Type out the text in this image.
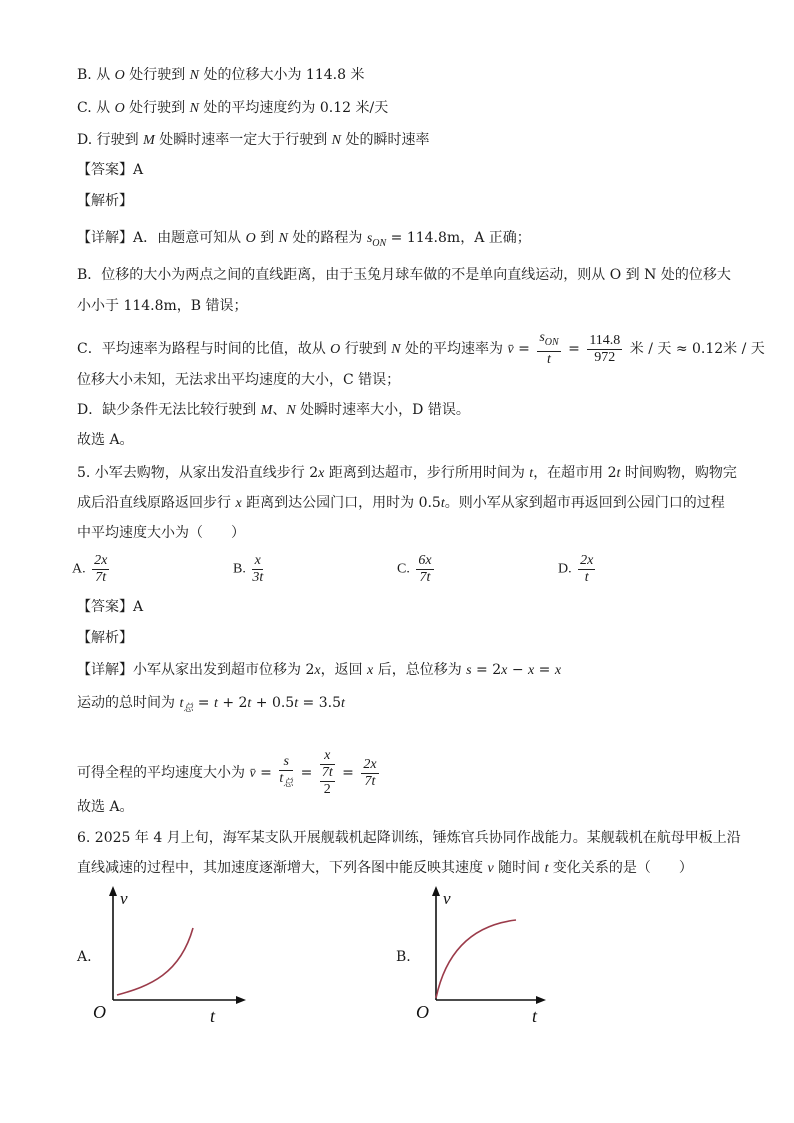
B. 从 O 处行驶到 N 处的位移大小为 114.8 米
C. 从 O 处行驶到 N 处的平均速度约为 0.12 米/天
D. 行驶到 M 处瞬时速率一定大于行驶到 N 处的瞬时速率
【答案】A
【解析】
【详解】A．由题意可知从 O 到 N 处的路程为 $s_{ON} = 114.8m$，A 正确；
B．位移的大小为两点之间的直线距离，由于玉兔月球车做的不是单向直线运动，则从 O 到 N 处的位移大
小小于 114.8m，B 错误；
C．平均速率为路程与时间的比值，故从 O 行驶到 N 处的平均速率为 v̄ = $\frac{s_{ON}}{t} = \frac{114.8}{972}$ 米 / 天 ≈ 0.12米 / 天
位移大小未知，无法求出平均速度的大小，C 错误；
D．缺少条件无法比较行驶到 M、N 处瞬时速率大小，D 错误。
故选 A。
5. 小军去购物，从家出发沿直线步行 2x 距离到达超市，步行所用时间为 t，在超市用 2t 时间购物，购物完
成后沿直线原路返回步行 x 距离到达公园门口，用时为 0.5t。则小军从家到超市再返回到公园门口的过程
中平均速度大小为（　　）
A. $\frac{2x}{7t}$	B. $\frac{x}{3t}$	C. $\frac{6x}{7t}$	D. $\frac{2x}{t}$
【答案】A
【解析】
【详解】小军从家出发到超市位移为 2x，返回 x 后，总位移为 s = 2x − x = x
运动的总时间为 $t_总 = t + 2t + 0.5t = 3.5t$
可得全程的平均速度大小为 v̄ = $\frac{s}{t_总} = \frac{x}{\frac{7t}{2}} = \frac{2x}{7t}$
故选 A。
6. 2025 年 4 月上旬，海军某支队开展舰载机起降训练，锤炼官兵协同作战能力。某舰载机在航母甲板上沿
直线减速的过程中，其加速度逐渐增大，下列各图中能反映其速度 v 随时间 t 变化关系的是（　　）
A.
v
t
O
B.
v
t
O
